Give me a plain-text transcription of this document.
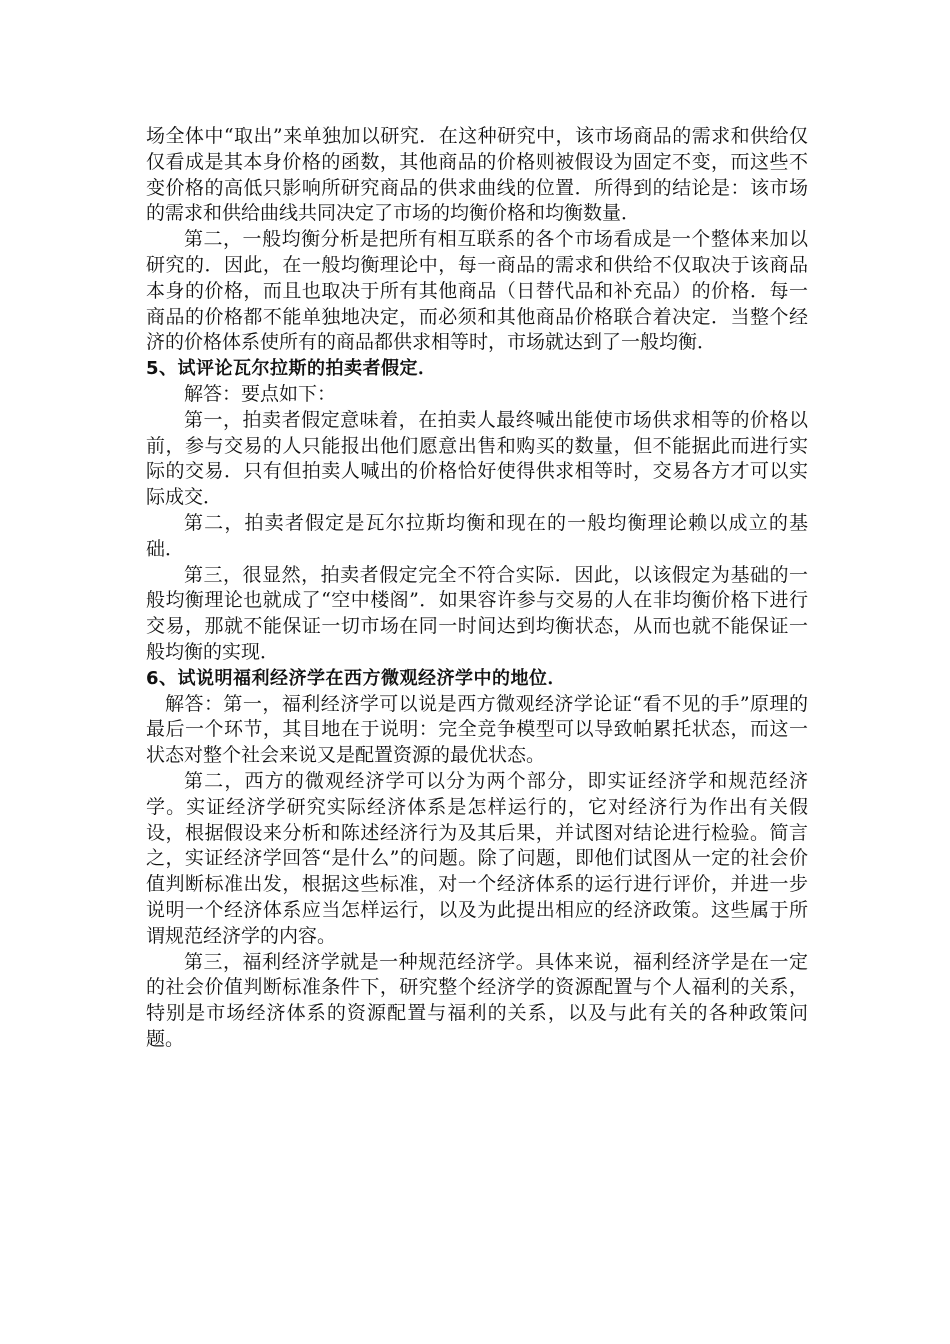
场全体中“取出”来单独加以研究．在这种研究中，该市场商品的需求和供给仅仅看成是其本身价格的函数，其他商品的价格则被假设为固定不变，而这些不变价格的高低只影响所研究商品的供求曲线的位置．所得到的结论是：该市场的需求和供给曲线共同决定了市场的均衡价格和均衡数量．

第二，一般均衡分析是把所有相互联系的各个市场看成是一个整体来加以研究的．因此，在一般均衡理论中，每一商品的需求和供给不仅取决于该商品本身的价格，而且也取决于所有其他商品（日替代品和补充品）的价格．每一商品的价格都不能单独地决定，而必须和其他商品价格联合着决定．当整个经济的价格体系使所有的商品都供求相等时，市场就达到了一般均衡．

5、试评论瓦尔拉斯的拍卖者假定．

解答：要点如下：

第一，拍卖者假定意味着，在拍卖人最终喊出能使市场供求相等的价格以前，参与交易的人只能报出他们愿意出售和购买的数量，但不能据此而进行实际的交易．只有但拍卖人喊出的价格恰好使得供求相等时，交易各方才可以实际成交．

第二，拍卖者假定是瓦尔拉斯均衡和现在的一般均衡理论赖以成立的基础．

第三，很显然，拍卖者假定完全不符合实际．因此，以该假定为基础的一般均衡理论也就成了“空中楼阁”．如果容许参与交易的人在非均衡价格下进行交易，那就不能保证一切市场在同一时间达到均衡状态，从而也就不能保证一般均衡的实现．

6、试说明福利经济学在西方微观经济学中的地位．

解答：第一，福利经济学可以说是西方微观经济学论证“看不见的手”原理的最后一个环节，其目地在于说明：完全竞争模型可以导致帕累托状态，而这一状态对整个社会来说又是配置资源的最优状态。

第二，西方的微观经济学可以分为两个部分，即实证经济学和规范经济学。实证经济学研究实际经济体系是怎样运行的，它对经济行为作出有关假设，根据假设来分析和陈述经济行为及其后果，并试图对结论进行检验。简言之，实证经济学回答“是什么”的问题。除了问题，即他们试图从一定的社会价值判断标准出发，根据这些标准，对一个经济体系的运行进行评价，并进一步说明一个经济体系应当怎样运行，以及为此提出相应的经济政策。这些属于所谓规范经济学的内容。

第三，福利经济学就是一种规范经济学。具体来说，福利经济学是在一定的社会价值判断标准条件下，研究整个经济学的资源配置与个人福利的关系，特别是市场经济体系的资源配置与福利的关系，以及与此有关的各种政策问题。
